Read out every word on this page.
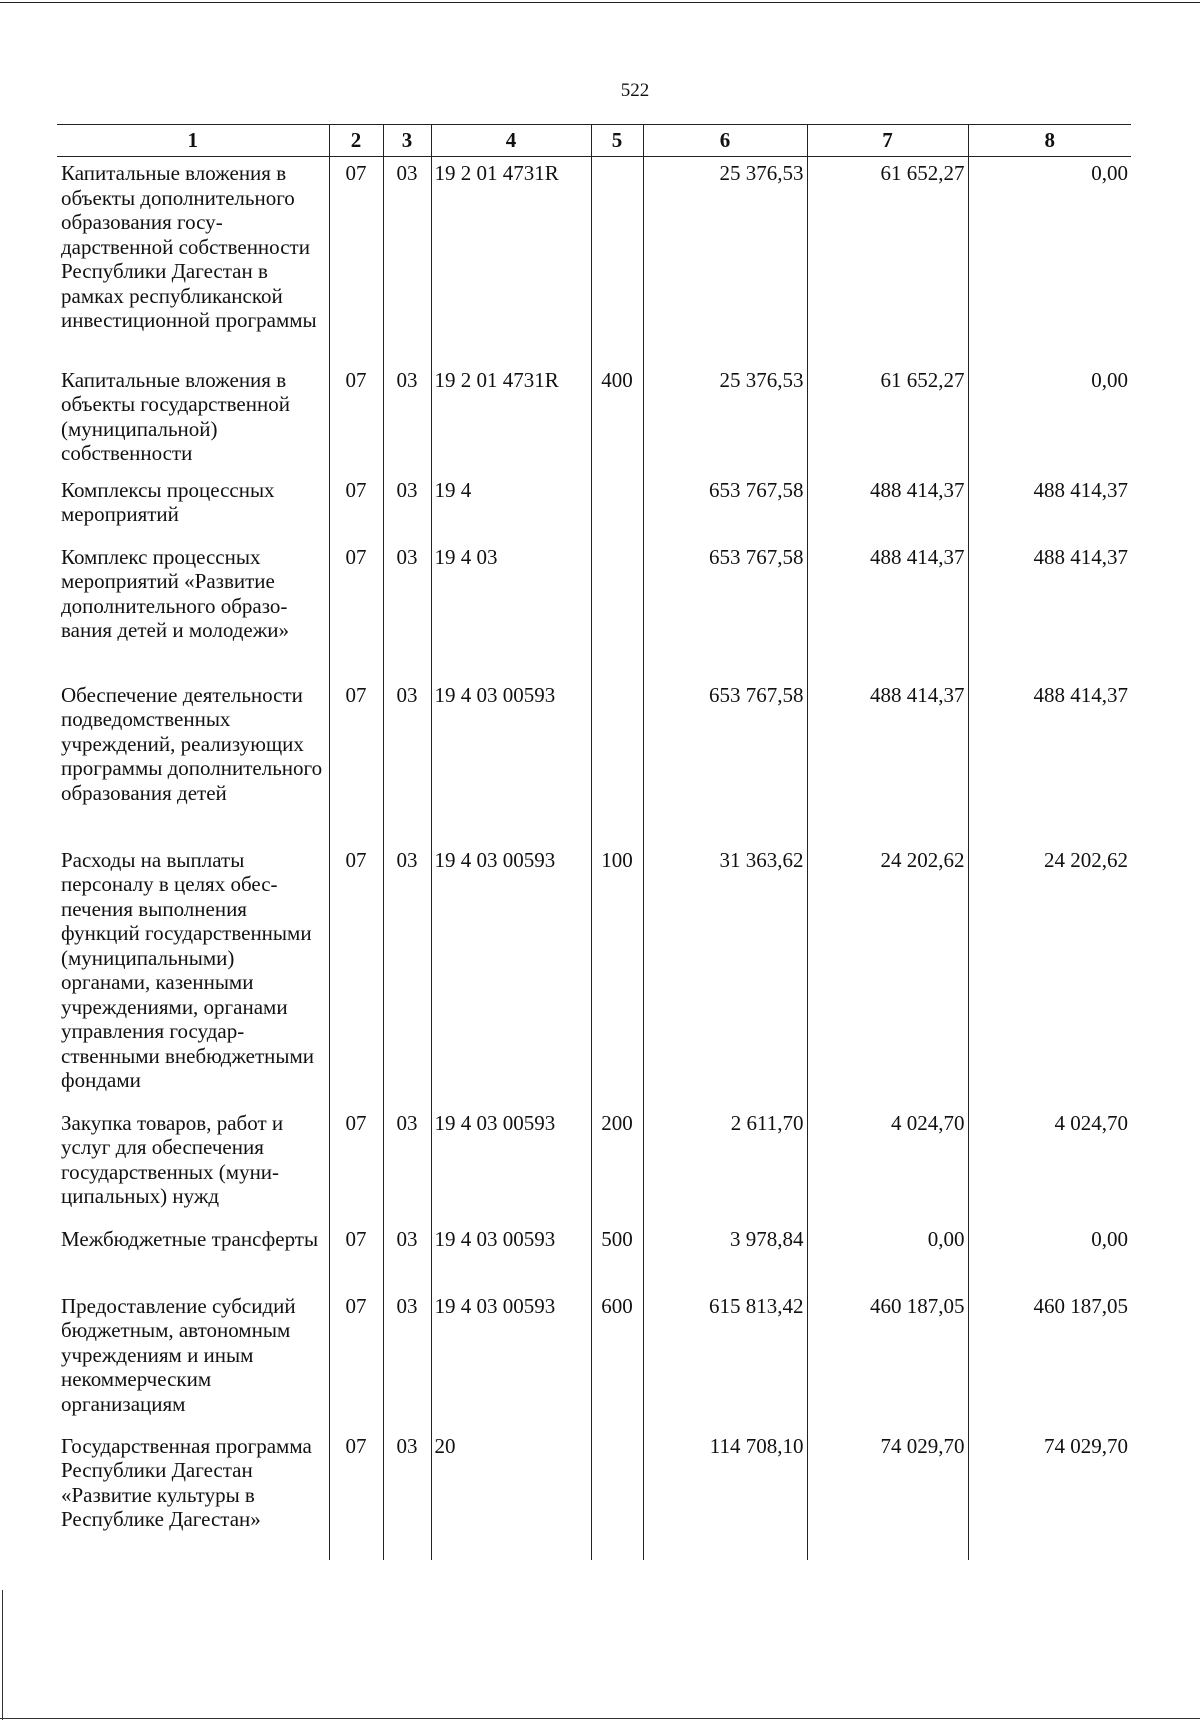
522
1	2	3	4	5	6	7	8
Капитальные вложения в объекты дополнительного образования государственной собственности Республики Дагестан в рамках республиканской инвестиционной программы	07	03	19 2 01 4731R		25 376,53	61 652,27	0,00
Капитальные вложения в объекты государственной (муниципальной) собственности	07	03	19 2 01 4731R	400	25 376,53	61 652,27	0,00
Комплексы процессных мероприятий	07	03	19 4		653 767,58	488 414,37	488 414,37
Комплекс процессных мероприятий «Развитие дополнительного образования детей и молодежи»	07	03	19 4 03		653 767,58	488 414,37	488 414,37
Обеспечение деятельности подведомственных учреждений, реализующих программы дополнительного образования детей	07	03	19 4 03 00593		653 767,58	488 414,37	488 414,37
Расходы на выплаты персоналу в целях обеспечения выполнения функций государственными (муниципальными) органами, казенными учреждениями, органами управления государственными внебюджетными фондами	07	03	19 4 03 00593	100	31 363,62	24 202,62	24 202,62
Закупка товаров, работ и услуг для обеспечения государственных (муниципальных) нужд	07	03	19 4 03 00593	200	2 611,70	4 024,70	4 024,70
Межбюджетные трансферты	07	03	19 4 03 00593	500	3 978,84	0,00	0,00
Предоставление субсидий бюджетным, автономным учреждениям и иным некоммерческим организациям	07	03	19 4 03 00593	600	615 813,42	460 187,05	460 187,05
Государственная программа Республики Дагестан «Развитие культуры в Республике Дагестан»	07	03	20		114 708,10	74 029,70	74 029,70
